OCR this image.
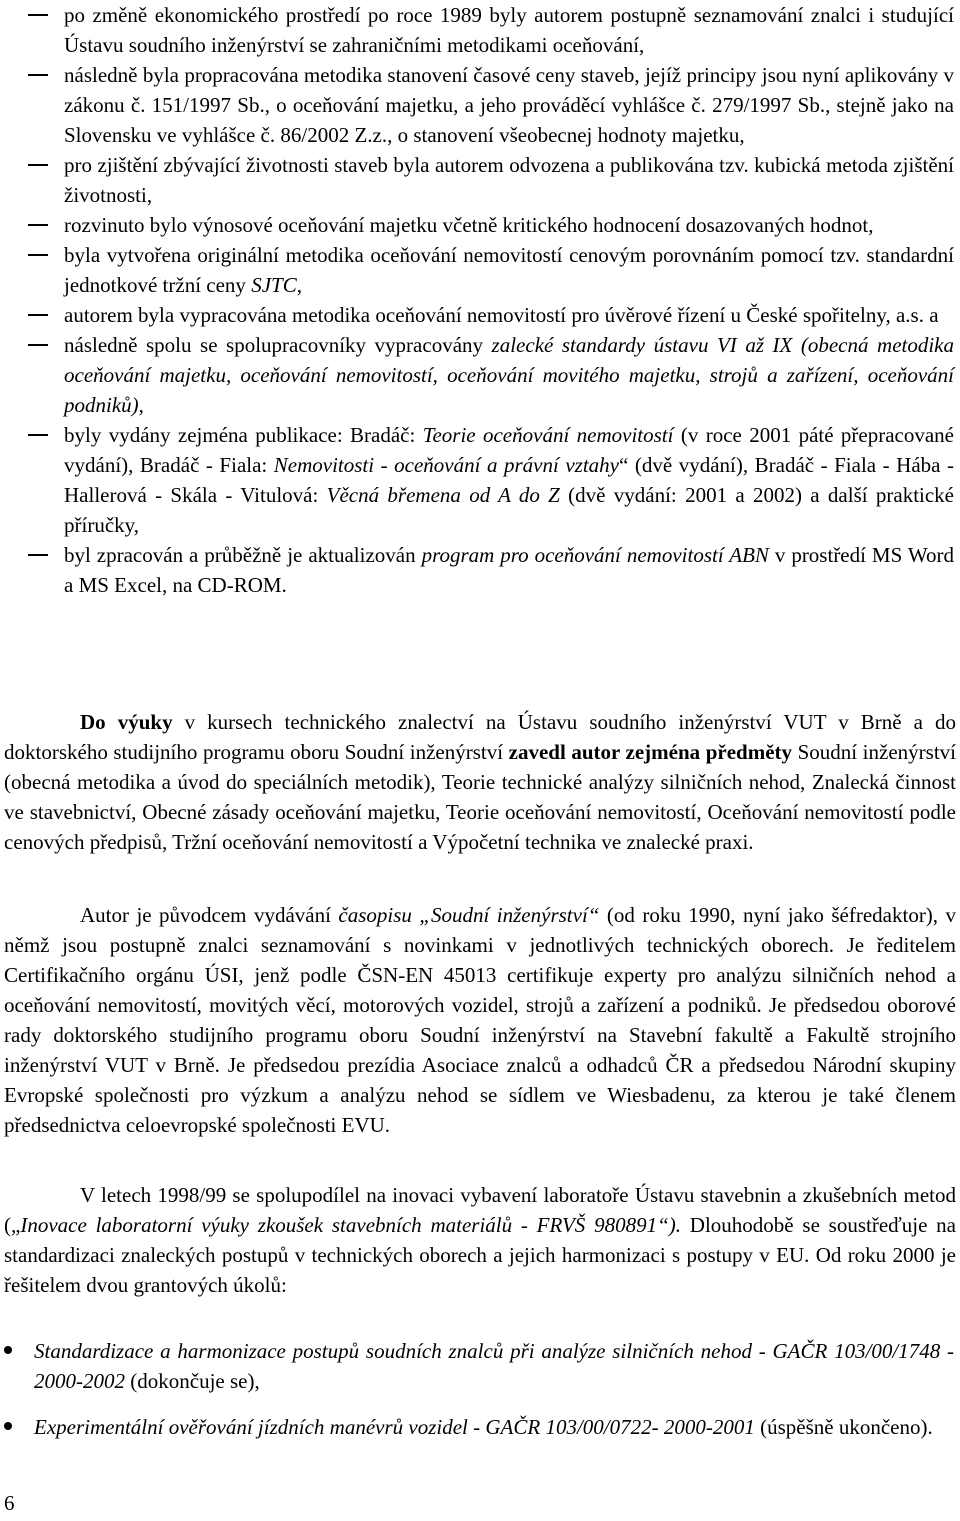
po změně ekonomického prostředí po roce 1989 byly autorem postupně seznamování znalci i studující Ústavu soudního inženýrství se zahraničními metodikami oceňování,
následně byla propracována metodika stanovení časové ceny staveb, jejíž principy jsou nyní aplikovány v zákonu č. 151/1997 Sb., o oceňování majetku, a jeho prováděcí vyhlášce č. 279/1997 Sb., stejně jako na Slovensku ve vyhlášce č. 86/2002 Z.z., o stanovení všeobecnej hodnoty majetku,
pro zjištění zbývající životnosti staveb byla autorem odvozena a publikována tzv. kubická metoda zjištění životnosti,
rozvinuto bylo výnosové oceňování majetku včetně kritického hodnocení dosazovaných hodnot,
byla vytvořena originální metodika oceňování nemovitostí cenovým porovnáním pomocí tzv. standardní jednotkové tržní ceny SJTC,
autorem byla vypracována metodika oceňování nemovitostí pro úvěrové řízení u České spořitelny, a.s. a
následně spolu se spolupracovníky vypracovány zalecké standardy ústavu VI až IX (obecná metodika oceňování majetku, oceňování nemovitostí, oceňování movitého majetku, strojů a zařízení, oceňování podniků),
byly vydány zejména publikace: Bradáč: Teorie oceňování nemovitostí (v roce 2001 páté přepracované vydání), Bradáč - Fiala: Nemovitosti - oceňování a právní vztahy“ (dvě vydání), Bradáč - Fiala - Hába - Hallerová - Skála - Vitulová: Věcná břemena od A do Z (dvě vydání: 2001 a 2002) a další praktické příručky,
byl zpracován a průběžně je aktualizován program pro oceňování nemovitostí ABN v prostředí MS Word a MS Excel, na CD-ROM.

Do výuky v kursech technického znalectví na Ústavu soudního inženýrství VUT v Brně a do doktorského studijního programu oboru Soudní inženýrství zavedl autor zejména předměty Soudní inženýrství (obecná metodika a úvod do speciálních metodik), Teorie technické analýzy silničních nehod, Znalecká činnost ve stavebnictví, Obecné zásady oceňování majetku, Teorie oceňování nemovitostí, Oceňování nemovitostí podle cenových předpisů, Tržní oceňování nemovitostí a Výpočetní technika ve znalecké praxi.

Autor je původcem vydávání časopisu „Soudní inženýrství“ (od roku 1990, nyní jako šéfredaktor), v němž jsou postupně znalci seznamování s novinkami v jednotlivých technických oborech. Je ředitelem Certifikačního orgánu ÚSI, jenž podle ČSN-EN 45013 certifikuje experty pro analýzu silničních nehod a oceňování nemovitostí, movitých věcí, motorových vozidel, strojů a zařízení a podniků. Je předsedou oborové rady doktorského studijního programu oboru Soudní inženýrství na Stavební fakultě a Fakultě strojního inženýrství VUT v Brně. Je předsedou prezídia Asociace znalců a odhadců ČR a předsedou Národní skupiny Evropské společnosti pro výzkum a analýzu nehod se sídlem ve Wiesbadenu, za kterou je také členem předsednictva celoevropské společnosti EVU.

V letech 1998/99 se spolupodílel na inovaci vybavení laboratoře Ústavu stavebnin a zkušebních metod („Inovace laboratorní výuky zkoušek stavebních materiálů - FRVŠ 980891“). Dlouhodobě se soustřeďuje na standardizaci znaleckých postupů v technických oborech a jejich harmonizaci s postupy v EU. Od roku 2000 je řešitelem dvou grantových úkolů:

Standardizace a harmonizace postupů soudních znalců při analýze silničních nehod - GAČR 103/00/1748 - 2000-2002 (dokončuje se),
Experimentální ověřování jízdních manévrů vozidel - GAČR 103/00/0722- 2000-2001 (úspěšně ukončeno).
6
